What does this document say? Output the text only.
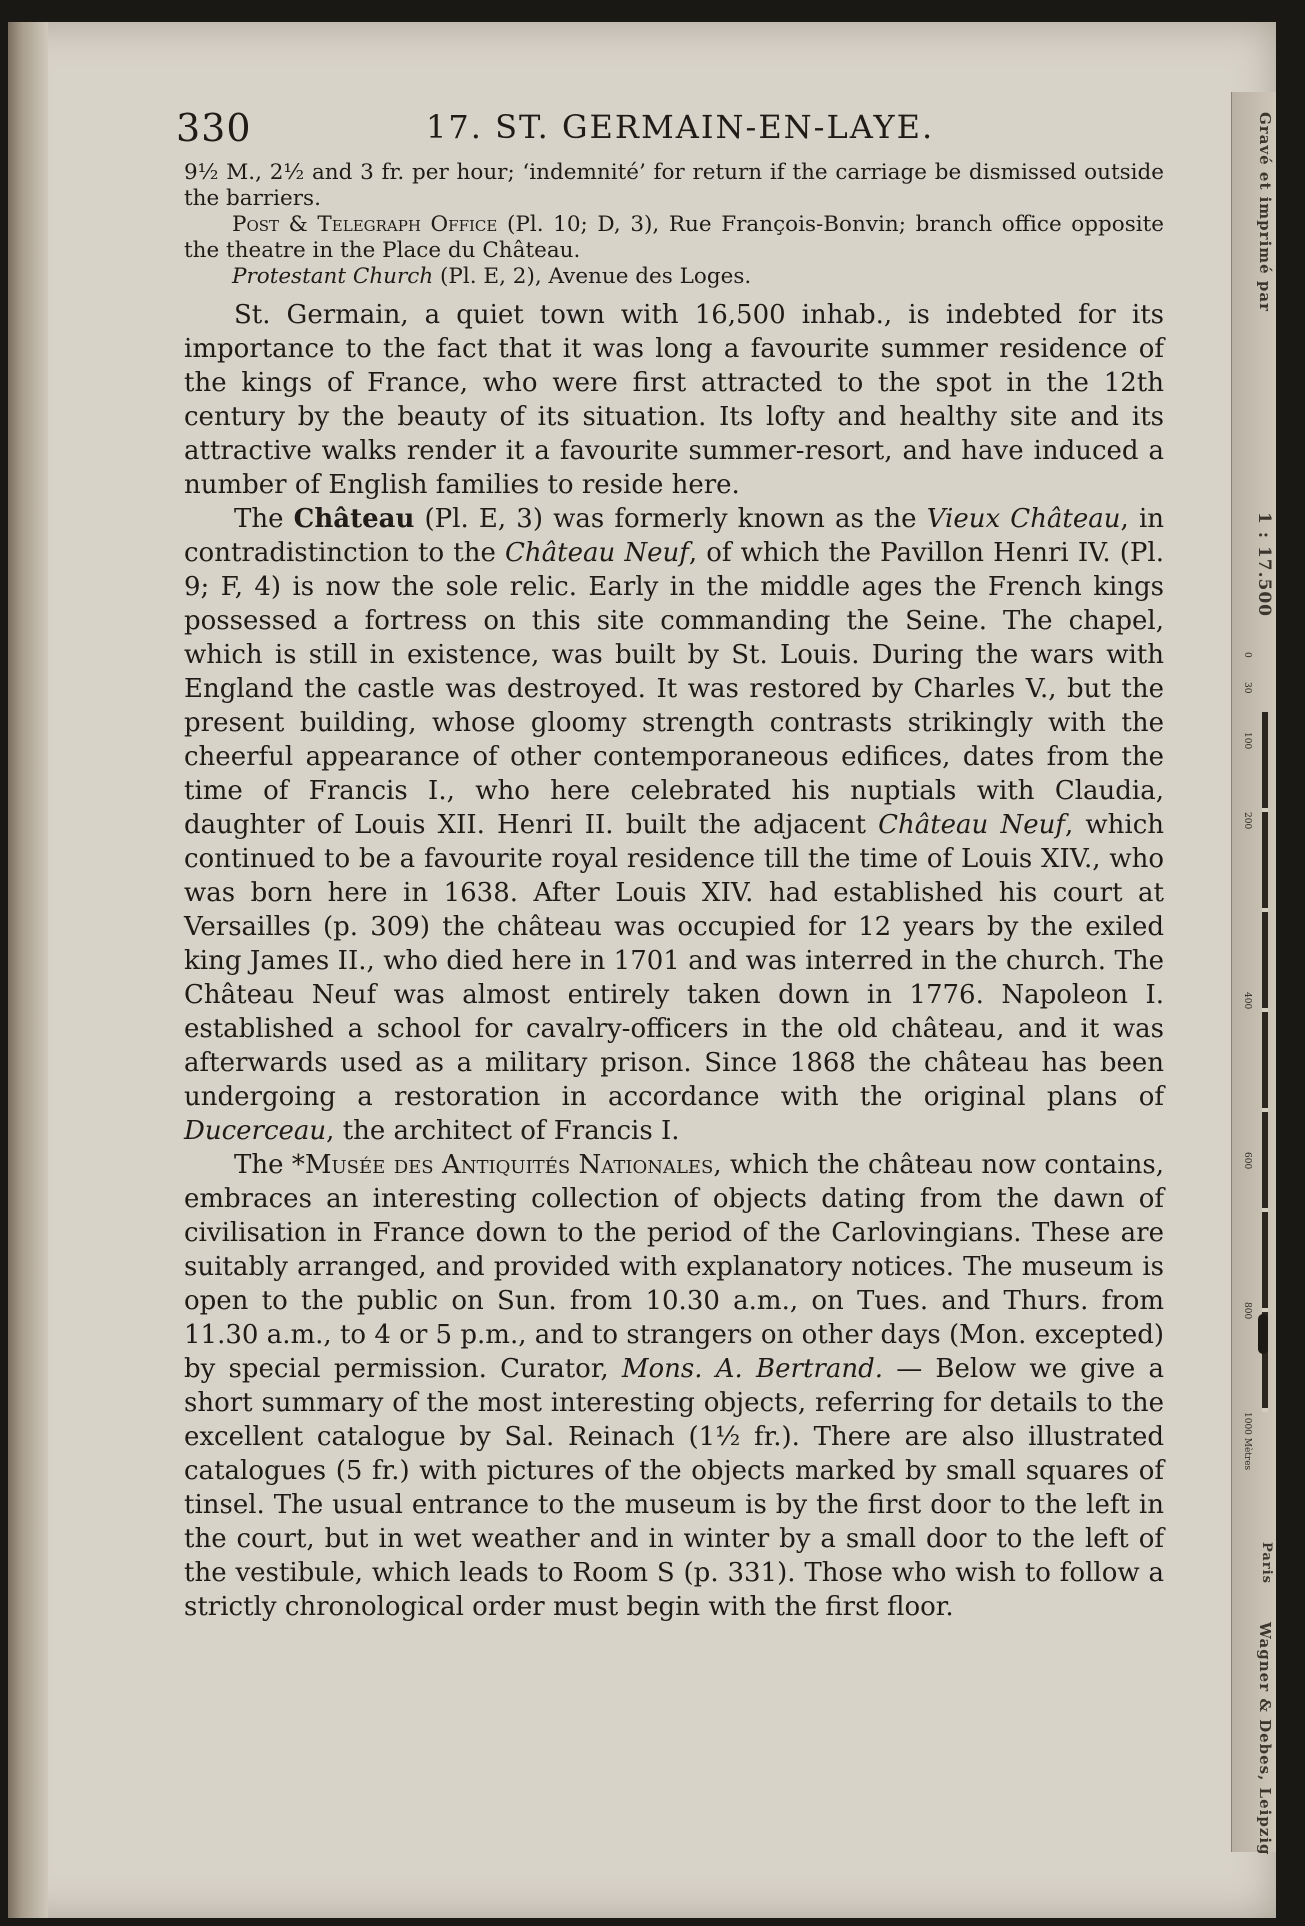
330	17. ST. GERMAIN-EN-LAYE.

9½ M., 2½ and 3 fr. per hour; ‘indemnité’ for return if the carriage be dismissed outside the barriers.

Post & Telegraph Office (Pl. 10; D, 3), Rue François-Bonvin; branch office opposite the theatre in the Place du Château.

Protestant Church (Pl. E, 2), Avenue des Loges.

St. Germain, a quiet town with 16,500 inhab., is indebted for its importance to the fact that it was long a favourite summer residence of the kings of France, who were first attracted to the spot in the 12th century by the beauty of its situation. Its lofty and healthy site and its attractive walks render it a favourite summer-resort, and have induced a number of English families to reside here.

The Château (Pl. E, 3) was formerly known as the Vieux Château, in contradistinction to the Château Neuf, of which the Pavillon Henri IV. (Pl. 9; F, 4) is now the sole relic. Early in the middle ages the French kings possessed a fortress on this site commanding the Seine. The chapel, which is still in existence, was built by St. Louis. During the wars with England the castle was destroyed. It was restored by Charles V., but the present building, whose gloomy strength contrasts strikingly with the cheerful appearance of other contemporaneous edifices, dates from the time of Francis I., who here celebrated his nuptials with Claudia, daughter of Louis XII. Henri II. built the adjacent Château Neuf, which continued to be a favourite royal residence till the time of Louis XIV., who was born here in 1638. After Louis XIV. had established his court at Versailles (p. 309) the château was occupied for 12 years by the exiled king James II., who died here in 1701 and was interred in the church. The Château Neuf was almost entirely taken down in 1776. Napoleon I. established a school for cavalry-officers in the old château, and it was afterwards used as a military prison. Since 1868 the château has been undergoing a restoration in accordance with the original plans of Ducerceau, the architect of Francis I.

The *Musée des Antiquités Nationales, which the château now contains, embraces an interesting collection of objects dating from the dawn of civilisation in France down to the period of the Carlovingians. These are suitably arranged, and provided with explanatory notices. The museum is open to the public on Sun. from 10.30 a.m., on Tues. and Thurs. from 11.30 a.m., to 4 or 5 p.m., and to strangers on other days (Mon. excepted) by special permission. Curator, Mons. A. Bertrand. — Below we give a short summary of the most interesting objects, referring for details to the excellent catalogue by Sal. Reinach (1½ fr.). There are also illustrated catalogues (5 fr.) with pictures of the objects marked by small squares of tinsel. The usual entrance to the museum is by the first door to the left in the court, but in wet weather and in winter by a small door to the left of the vestibule, which leads to Room S (p. 331). Those who wish to follow a strictly chronological order must begin with the first floor.

Gravé et imprimé par
1 : 17.500
0
30
100
200
400
600
800
1000 Mètres
Paris
Wagner & Debes, Leipzig
